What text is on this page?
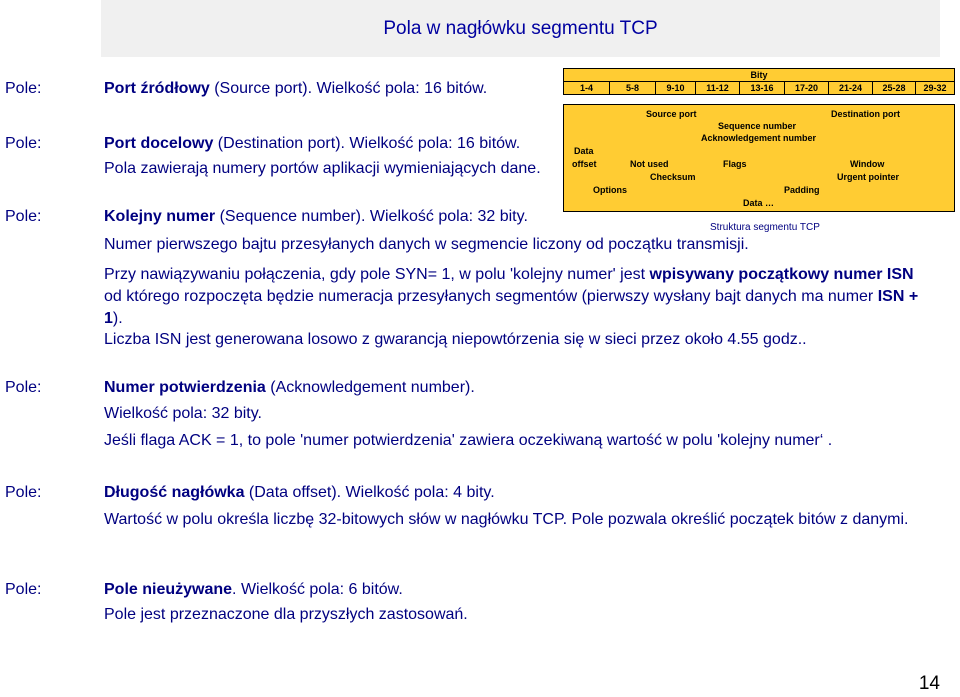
Pola w nagłówku segmentu TCP
Pole:	Port źródłowy (Source port). Wielkość pola: 16 bitów.
Pole:	Port docelowy (Destination port). Wielkość pola: 16 bitów.
Pola zawierają numery portów aplikacji wymieniających dane.
Pole:	Kolejny numer (Sequence number). Wielkość pola: 32 bity.
Numer pierwszego bajtu przesyłanych danych w segmencie liczony od początku transmisji.
Przy nawiązywaniu połączenia, gdy pole SYN= 1, w polu 'kolejny numer' jest wpisywany początkowy numer ISN od którego rozpoczęta będzie numeracja przesyłanych segmentów (pierwszy wysłany bajt danych ma numer ISN + 1).
Liczba ISN jest generowana losowo z gwarancją niepowtórzenia się w sieci przez około 4.55 godz..
Pole:	Numer potwierdzenia (Acknowledgement number).
Wielkość pola: 32 bity.
Jeśli flaga ACK = 1, to pole 'numer potwierdzenia' zawiera oczekiwaną wartość w polu 'kolejny numer‘ .
Pole:	Długość nagłówka (Data offset). Wielkość pola: 4 bity.
Wartość w polu określa liczbę 32-bitowych słów w nagłówku TCP. Pole pozwala określić początek bitów z danymi.
Pole:	Pole nieużywane. Wielkość pola: 6 bitów.
Pole jest przeznaczone dla przyszłych zastosowań.
Bity
1-4	5-8	9-10	11-12	13-16	17-20	21-24	25-28	29-32
Source port	Destination port
Sequence number
Acknowledgement number
Data
offset	Not used	Flags	Window
Checksum	Urgent pointer
Options	Padding
Data …
Struktura segmentu TCP
14
